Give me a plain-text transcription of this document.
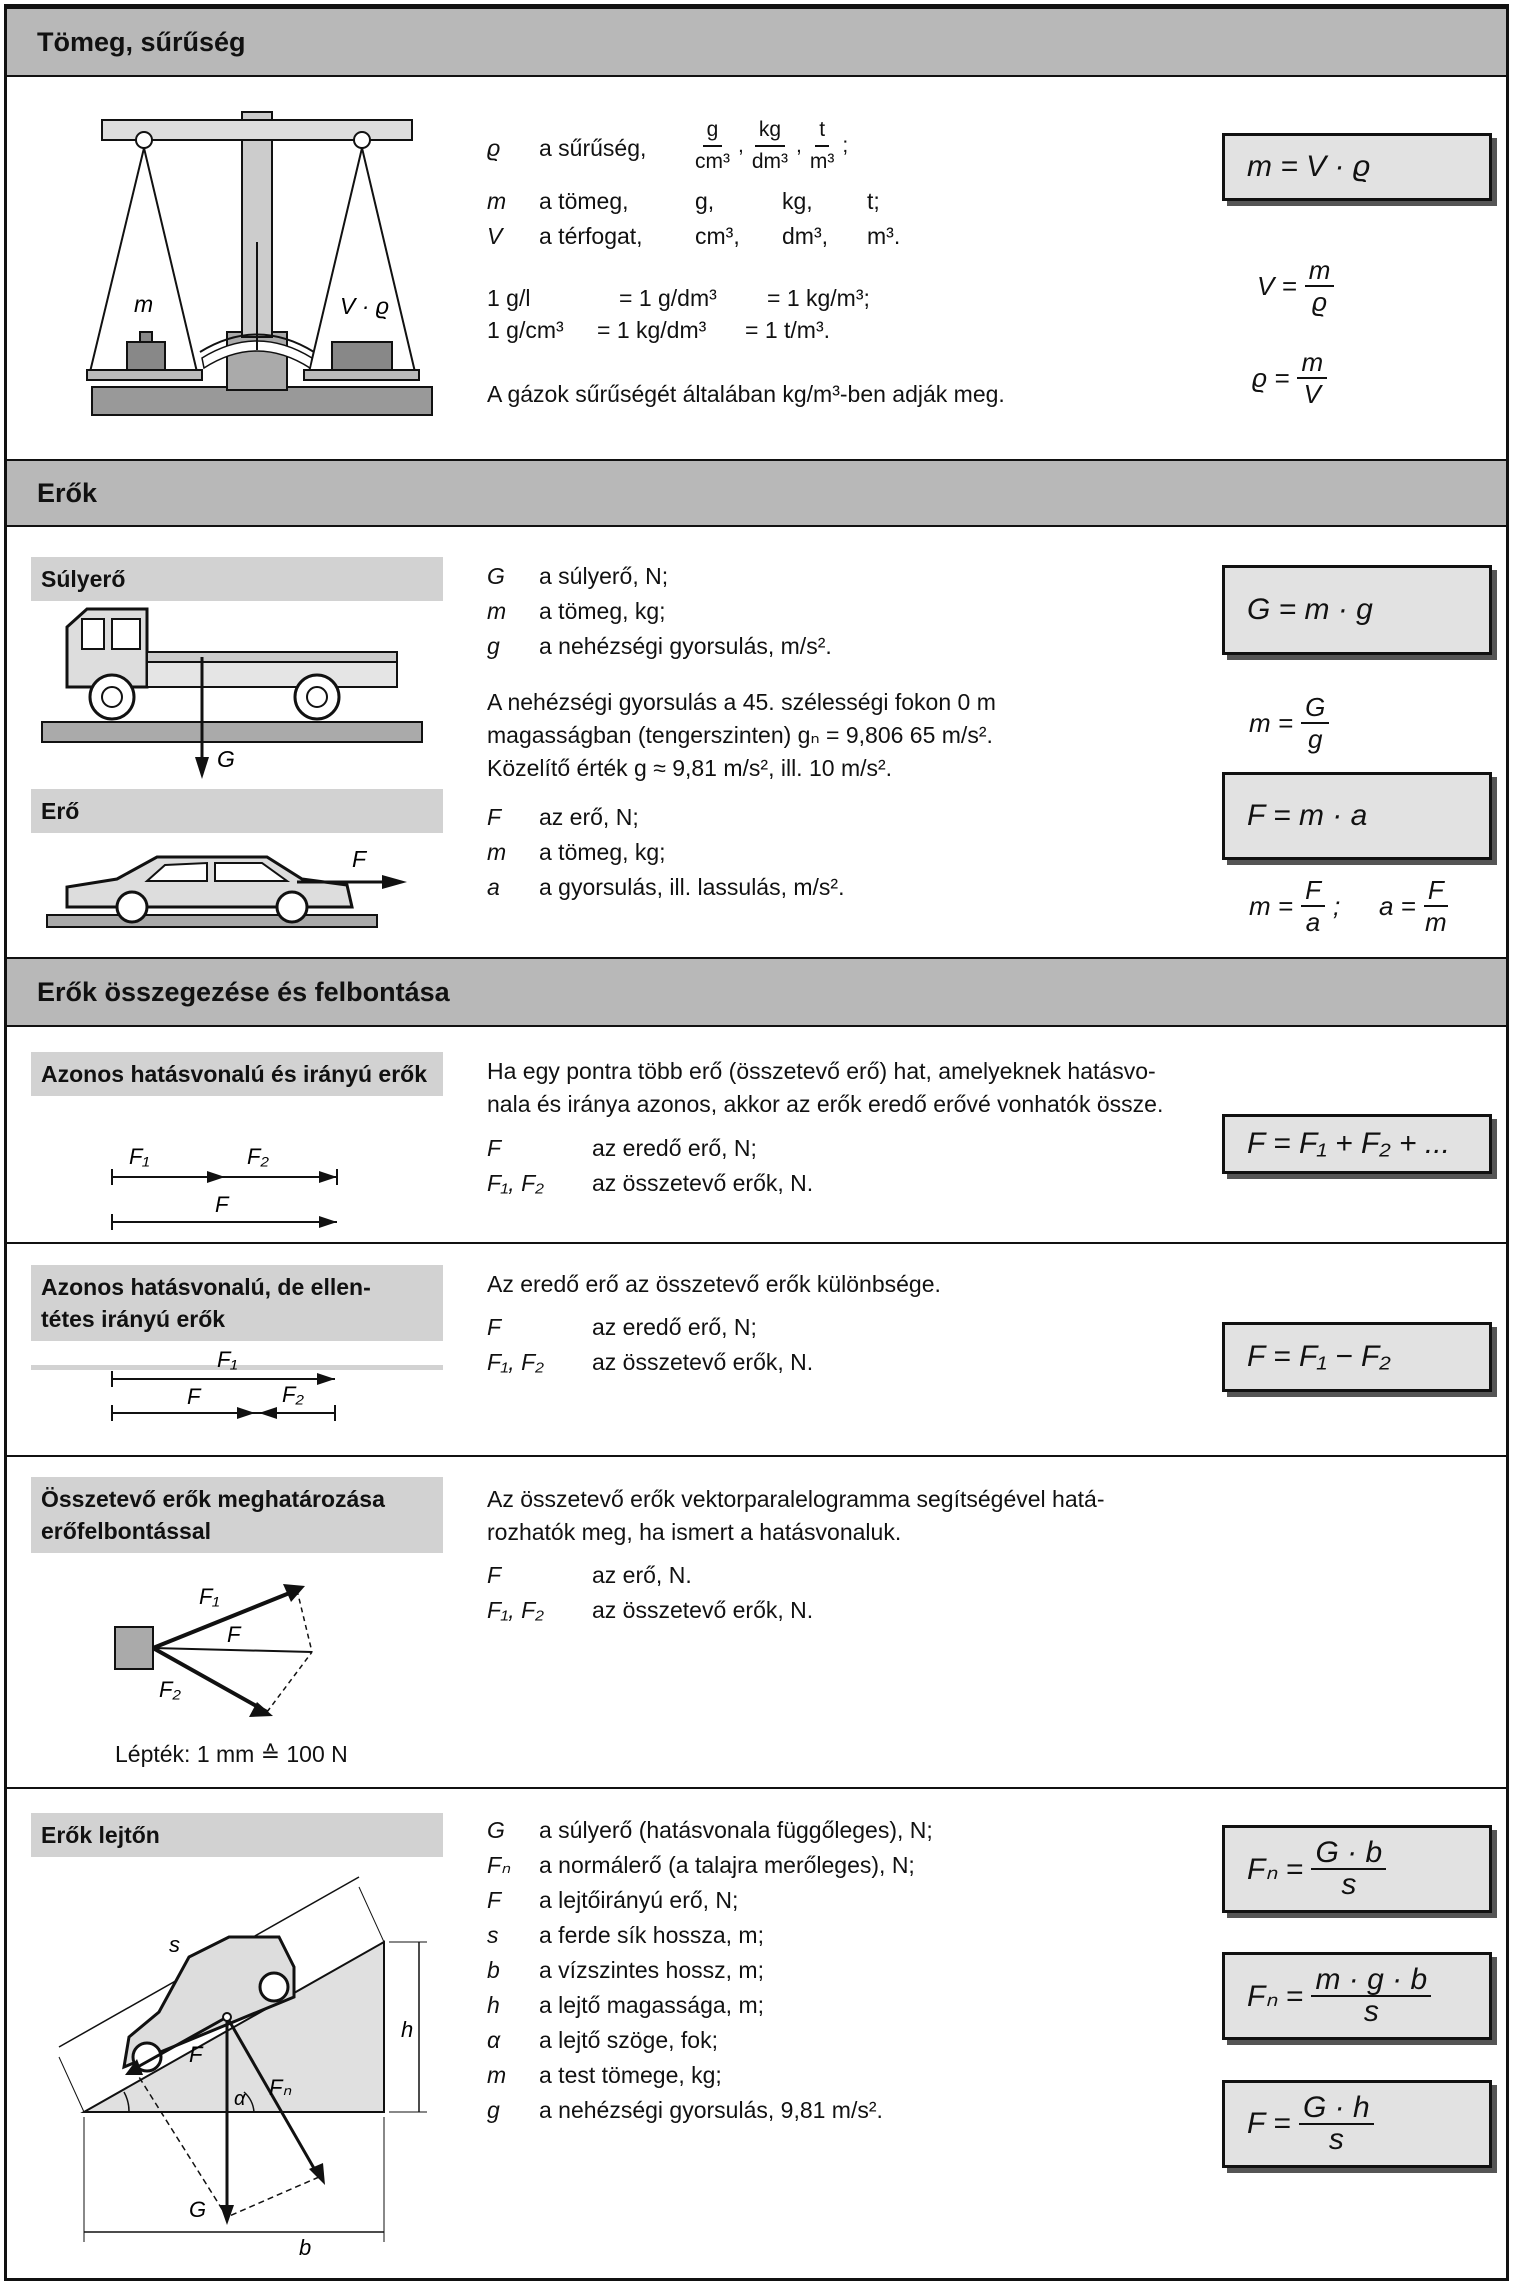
Tömeg, sűrűség
m	V · ϱ
ϱ a sűrűség, $\frac{g}{\text{cm³}}$ , $\frac{kg}{\text{dm³}}$ , $\frac{t}{\text{m³}}$ ;
m a tömeg,	g,	kg, t;
V a térfogat, cm³, dm³, m³.
1 g/l	= 1 g/dm³ = 1 kg/m³;
1 g/cm³ = 1 kg/dm³ = 1 t/m³.
A gázok sűrűségét általában kg/m³-ben adják meg.
m = V · ϱ
$V = \frac{m}{ϱ}$
$ϱ = \frac{m}{V}$
Erők
Súlyerő
G
G a súlyerő, N;
m a tömeg, kg;
g a nehézségi gyorsulás, m/s².
A nehézségi gyorsulás a 45. szélességi fokon 0 m
magasságban (tengerszinten) gₙ = 9,806 65 m/s².
Közelítő érték g ≈ 9,81 m/s², ill. 10 m/s².
G = m · g
$m = \frac{G}{g}$
Erő
F
F az erő, N;
m a tömeg, kg;
a a gyorsulás, ill. lassulás, m/s².
F = m · a
$m = \frac{F}{a}$ ; $a = \frac{F}{m}$
Erők összegezése és felbontása
Azonos hatásvonalú és irányú erők
F₁	F₂
F
Ha egy pontra több erő (összetevő erő) hat, amelyeknek hatásvo-
nala és iránya azonos, akkor az erők eredő erővé vonhatók össze.
F	az eredő erő, N;
F₁, F₂ az összetevő erők, N.
F = F₁ + F₂ + ...
Azonos hatásvonalú, de ellen-
tétes irányú erők
F₁
F	F₂
Az eredő erő az összetevő erők különbsége.
F	az eredő erő, N;
F₁, F₂ az összetevő erők, N.	F = F₁ − F₂
Összetevő erők meghatározása
erőfelbontással
F₁
F
F₂
Lépték: 1 mm ≙ 100 N
Az összetevő erők vektorparalelogramma segítségével hatá-
rozhatók meg, ha ismert a hatásvonaluk.
F	az erő, N.
F₁, F₂ az összetevő erők, N.
Erők lejtőn
s
h
F
Fₙ
α
G
b
G a súlyerő (hatásvonala függőleges), N;
Fₙ a normálerő (a talajra merőleges), N;
F a lejtőirányú erő, N;
s a ferde sík hossza, m;
b a vízszintes hossz, m;
h a lejtő magassága, m;
α a lejtő szöge, fok;
m a test tömege, kg;
g a nehézségi gyorsulás, 9,81 m/s².
Fₙ =
$\frac{G \cdot b}{s}$
Fₙ =
$\frac{m \cdot g \cdot b}{s}$
F =
$\frac{G \cdot h}{s}$
